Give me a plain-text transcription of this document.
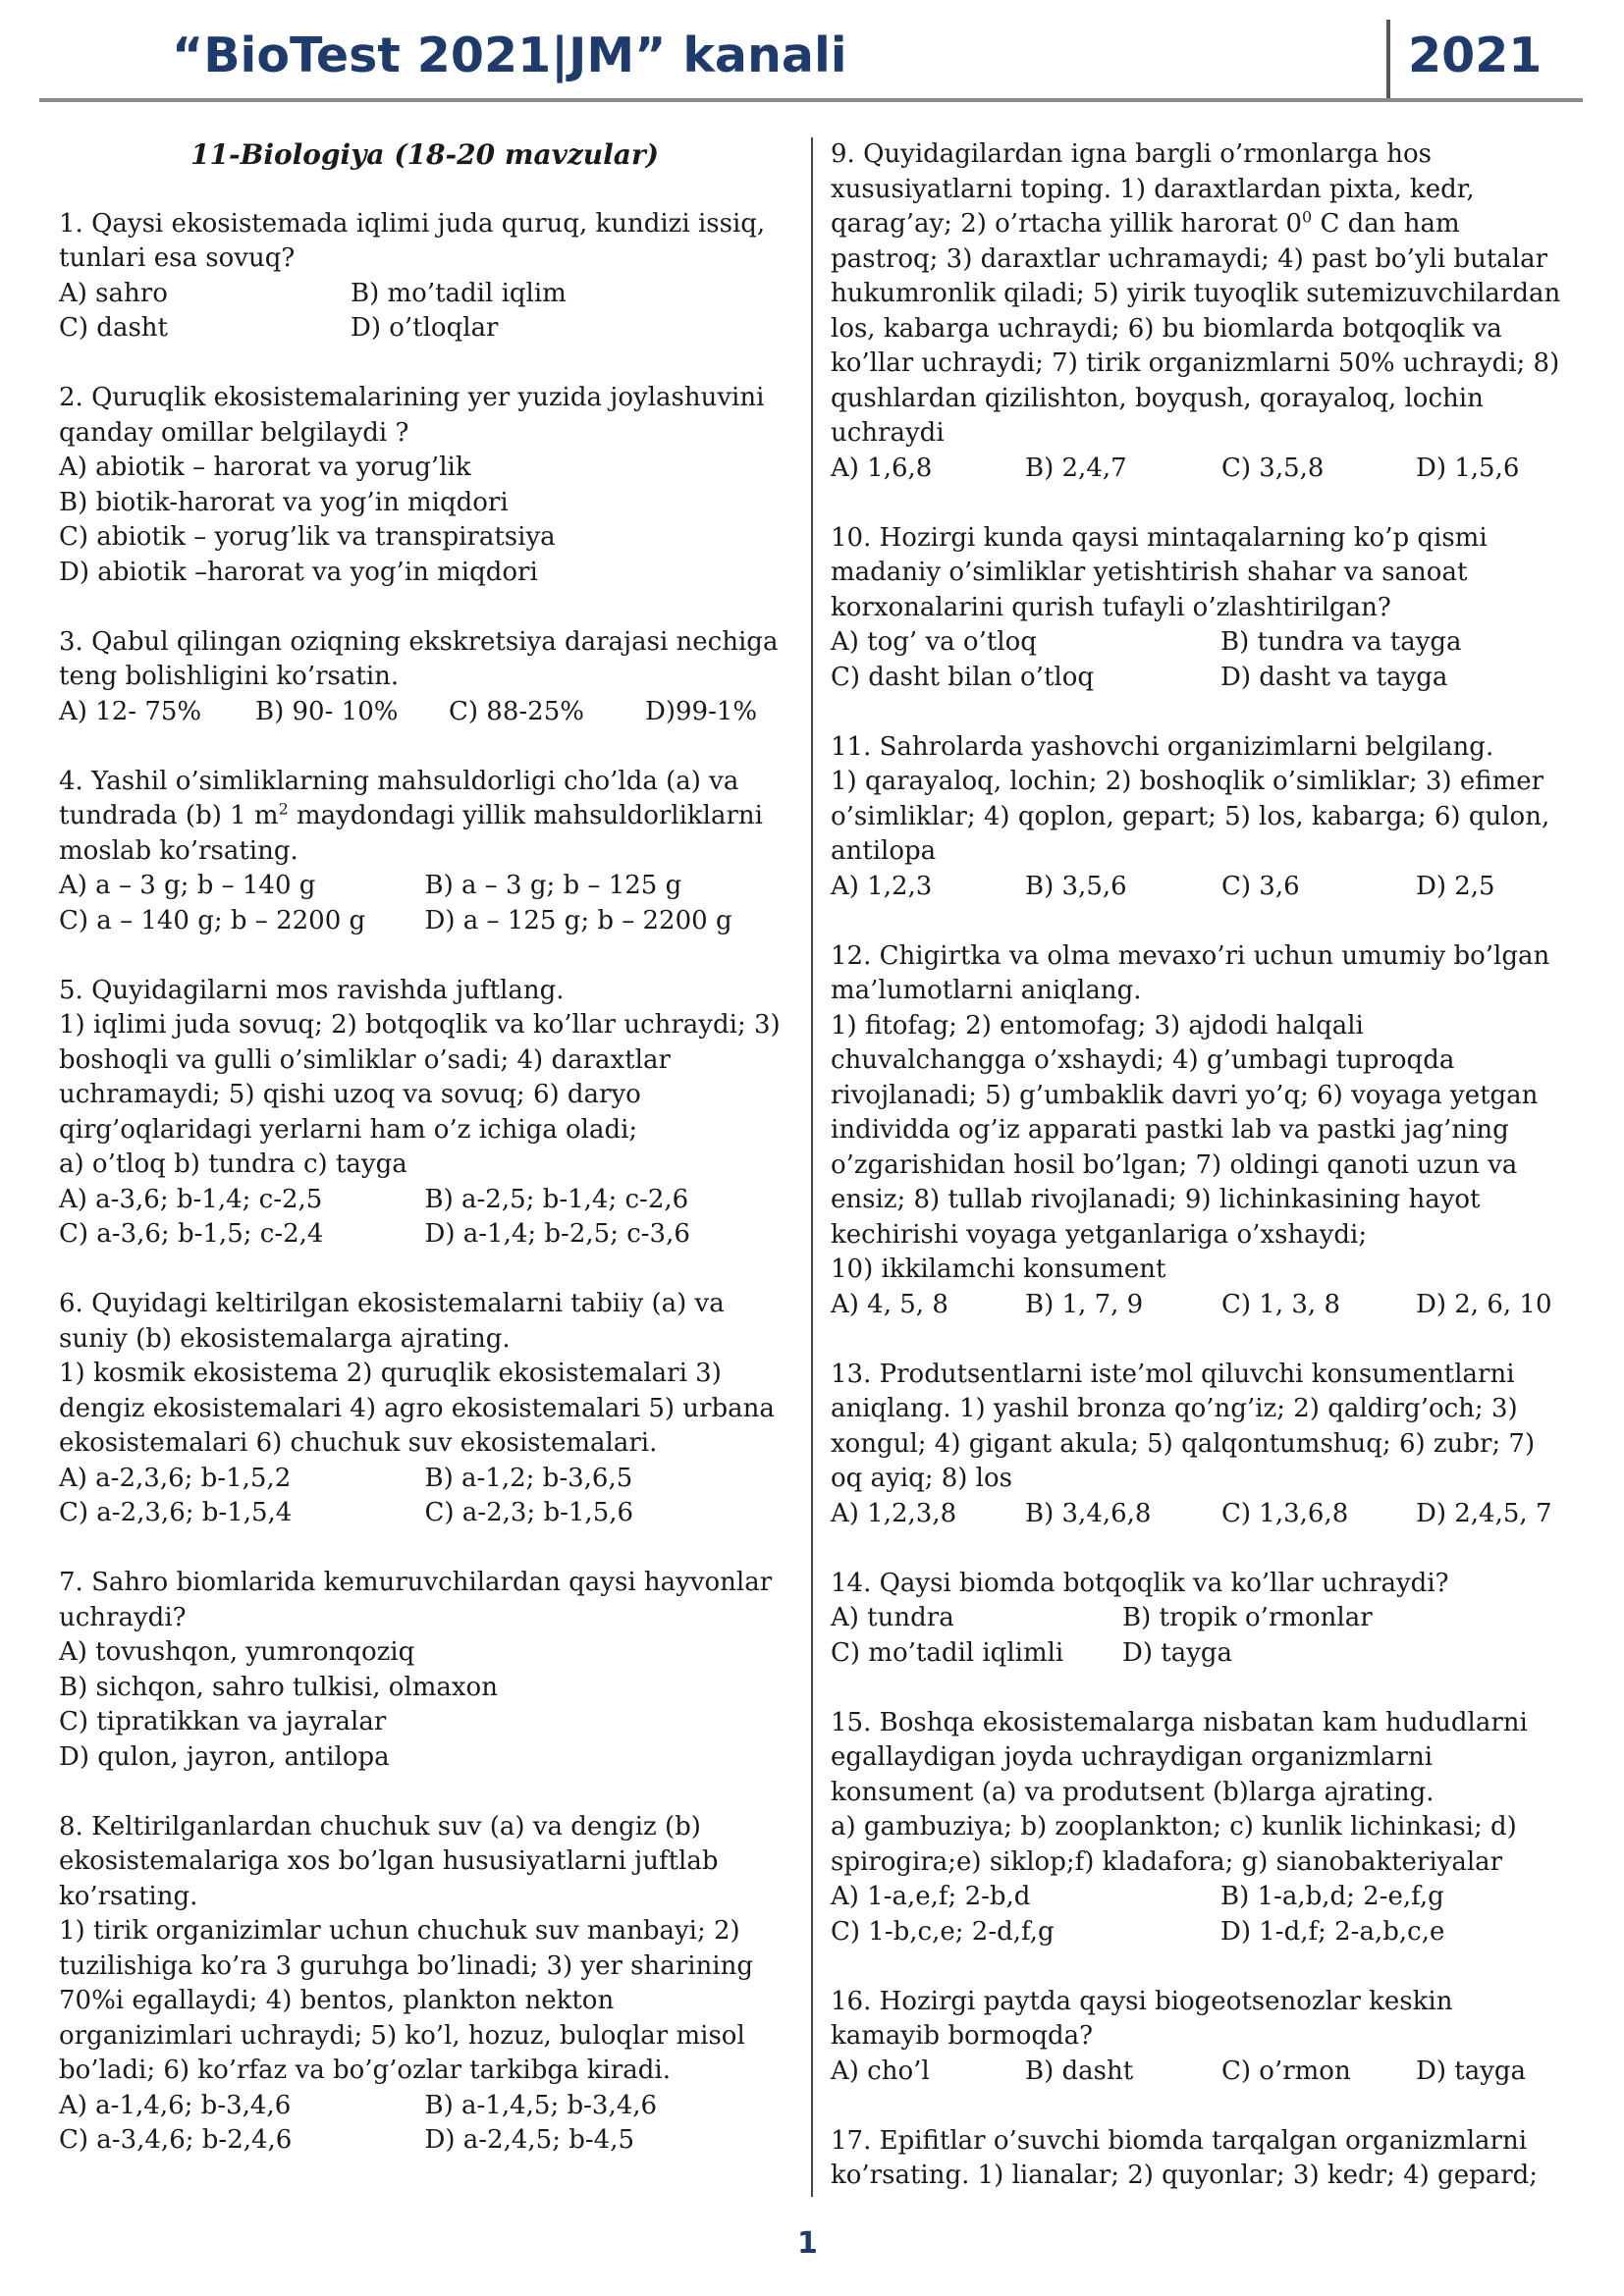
“BioTest 2021|JM” kanali	2021
11-Biologiya (18-20 mavzular)

1. Qaysi ekosistemada iqlimi juda quruq, kundizi issiq, tunlari esa sovuq?

A) sahro	B) mo’tadil iqlim
C) dasht	D) o’tloqlar

2. Quruqlik ekosistemalarining yer yuzida joylashuvini qanday omillar belgilaydi ?

A) abiotik – harorat va yorug’lik
B) biotik-harorat va yog’in miqdori
C) abiotik – yorug’lik va transpiratsiya
D) abiotik –harorat va yog’in miqdori

3. Qabul qilingan oziqning ekskretsiya darajasi nechiga teng bolishligini ko’rsatin.

A) 12- 75%	B) 90- 10%	C) 88-25%	D)99-1%

4. Yashil o’simliklarning mahsuldorligi cho’lda (a) va tundrada (b) 1 $m^2$ maydondagi yillik mahsuldorliklarni moslab ko’rsating.

A) a – 3 g; b – 140 g	B) a – 3 g; b – 125 g
C) a – 140 g; b – 2200 g	D) a – 125 g; b – 2200 g

5. Quyidagilarni mos ravishda juftlang.

1) iqlimi juda sovuq; 2) botqoqlik va ko’llar uchraydi; 3) boshoqli va gulli o’simliklar o’sadi; 4) daraxtlar uchramaydi; 5) qishi uzoq va sovuq; 6) daryo qirg’oqlaridagi yerlarni ham o’z ichiga oladi;

a) o’tloq b) tundra c) tayga

A) a-3,6; b-1,4; c-2,5	B) a-2,5; b-1,4; c-2,6
C) a-3,6; b-1,5; c-2,4	D) a-1,4; b-2,5; c-3,6

6. Quyidagi keltirilgan ekosistemalarni tabiiy (a) va suniy (b) ekosistemalarga ajrating.

1) kosmik ekosistema 2) quruqlik ekosistemalari 3) dengiz ekosistemalari 4) agro ekosistemalari 5) urbana ekosistemalari 6) chuchuk suv ekosistemalari.

A) a-2,3,6; b-1,5,2	B) a-1,2; b-3,6,5
C) a-2,3,6; b-1,5,4	C) a-2,3; b-1,5,6

7. Sahro biomlarida kemuruvchilardan qaysi hayvonlar uchraydi?

A) tovushqon, yumronqoziq
B) sichqon, sahro tulkisi, olmaxon
C) tipratikkan va jayralar
D) qulon, jayron, antilopa

8. Keltirilganlardan chuchuk suv (a) va dengiz (b) ekosistemalariga xos bo’lgan hususiyatlarni juftlab ko’rsating.

1) tirik organizimlar uchun chuchuk suv manbayi; 2) tuzilishiga ko’ra 3 guruhga bo’linadi; 3) yer sharining 70%i egallaydi; 4) bentos, plankton nekton organizimlari uchraydi; 5) ko’l, hozuz, buloqlar misol bo’ladi; 6) ko’rfaz va bo’g’ozlar tarkibga kiradi.

A) a-1,4,6; b-3,4,6	B) a-1,4,5; b-3,4,6
C) a-3,4,6; b-2,4,6	D) a-2,4,5; b-4,5

9. Quyidagilardan igna bargli o’rmonlarga hos xususiyatlarni toping. 1) daraxtlardan pixta, kedr, qarag’ay; 2) o’rtacha yillik harorat $0^0$ C dan ham pastroq; 3) daraxtlar uchramaydi; 4) past bo’yli butalar hukumronlik qiladi; 5) yirik tuyoqlik sutemizuvchilardan los, kabarga uchraydi; 6) bu biomlarda botqoqlik va ko’llar uchraydi; 7) tirik organizmlarni 50% uchraydi; 8) qushlardan qizilishton, boyqush, qorayaloq, lochin uchraydi

A) 1,6,8	B) 2,4,7	C) 3,5,8	D) 1,5,6

10. Hozirgi kunda qaysi mintaqalarning ko’p qismi madaniy o’simliklar yetishtirish shahar va sanoat korxonalarini qurish tufayli o’zlashtirilgan?

A) tog’ va o’tloq	B) tundra va tayga
C) dasht bilan o’tloq	D) dasht va tayga

11. Sahrolarda yashovchi organizimlarni belgilang.

1) qarayaloq, lochin; 2) boshoqlik o’simliklar; 3) efimer o’simliklar; 4) qoplon, gepart; 5) los, kabarga; 6) qulon, antilopa

A) 1,2,3	B) 3,5,6	C) 3,6	D) 2,5

12. Chigirtka va olma mevaxo’ri uchun umumiy bo’lgan ma’lumotlarni aniqlang.

1) fitofag; 2) entomofag; 3) ajdodi halqali chuvalchangga o’xshaydi; 4) g’umbagi tuproqda rivojlanadi; 5) g’umbaklik davri yo’q; 6) voyaga yetgan individda og’iz apparati pastki lab va pastki jag’ning o’zgarishidan hosil bo’lgan; 7) oldingi qanoti uzun va ensiz; 8) tullab rivojlanadi; 9) lichinkasining hayot kechirishi voyaga yetganlariga o’xshaydi;

10) ikkilamchi konsument

A) 4, 5, 8	B) 1, 7, 9	C) 1, 3, 8	D) 2, 6, 10

13. Produtsentlarni iste’mol qiluvchi konsumentlarni aniqlang. 1) yashil bronza qo’ng’iz; 2) qaldirg’och; 3) xongul; 4) gigant akula; 5) qalqontumshuq; 6) zubr; 7) oq ayiq; 8) los

A) 1,2,3,8	B) 3,4,6,8	C) 1,3,6,8	D) 2,4,5, 7

14. Qaysi biomda botqoqlik va ko’llar uchraydi?

A) tundra	B) tropik o’rmonlar
C) mo’tadil iqlimli	D) tayga

15. Boshqa ekosistemalarga nisbatan kam hududlarni egallaydigan joyda uchraydigan organizmlarni konsument (a) va produtsent (b)larga ajrating.

a) gambuziya; b) zooplankton; c) kunlik lichinkasi; d) spirogira;e) siklop;f) kladafora; g) sianobakteriyalar

A) 1-a,e,f; 2-b,d	B) 1-a,b,d; 2-e,f,g
C) 1-b,c,e; 2-d,f,g	D) 1-d,f; 2-a,b,c,e

16. Hozirgi paytda qaysi biogeotsenozlar keskin kamayib bormoqda?

A) cho’l	B) dasht	C) o’rmon	D) tayga

17. Epifitlar o’suvchi biomda tarqalgan organizmlarni ko’rsating. 1) lianalar; 2) quyonlar; 3) kedr; 4) gepard;

1
